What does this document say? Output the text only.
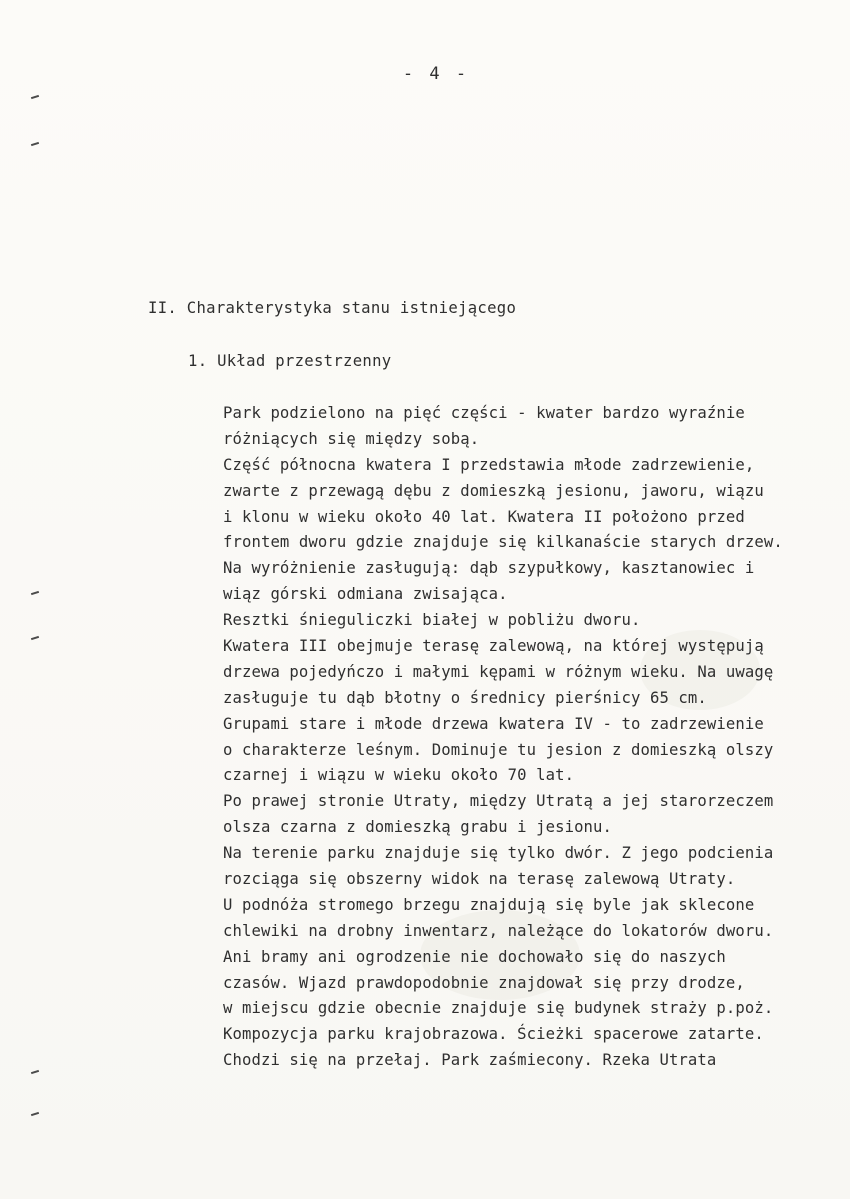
- 4 -
II. Charakterystyka stanu istniejącego
1. Układ przestrzenny
Park podzielono na pięć części - kwater bardzo wyraźnie
różniących się między sobą.
Część północna kwatera I przedstawia młode zadrzewienie,
zwarte z przewagą dębu z domieszką jesionu, jaworu, wiązu
i klonu w wieku około 40 lat. Kwatera II położono przed
frontem dworu gdzie znajduje się kilkanaście starych drzew.
Na wyróżnienie zasługują: dąb szypułkowy, kasztanowiec i
wiąz górski odmiana zwisająca.
Resztki śnieguliczki białej w pobliżu dworu.
Kwatera III obejmuje terasę zalewową, na której występują
drzewa pojedyńczo i małymi kępami w różnym wieku. Na uwagę
zasługuje tu dąb błotny o średnicy pierśnicy 65 cm.
Grupami stare i młode drzewa kwatera IV - to zadrzewienie
o charakterze leśnym. Dominuje tu jesion z domieszką olszy
czarnej i wiązu w wieku około 70 lat.
Po prawej stronie Utraty, między Utratą a jej starorzeczem
olsza czarna z domieszką grabu i jesionu.
Na terenie parku znajduje się tylko dwór. Z jego podcienia
rozciąga się obszerny widok na terasę zalewową Utraty.
U podnóża stromego brzegu znajdują się byle jak sklecone
chlewiki na drobny inwentarz, należące do lokatorów dworu.
Ani bramy ani ogrodzenie nie dochowało się do naszych
czasów. Wjazd prawdopodobnie znajdował się przy drodze,
w miejscu gdzie obecnie znajduje się budynek straży p.poż.
Kompozycja parku krajobrazowa. Ścieżki spacerowe zatarte.
Chodzi się na przełaj. Park zaśmiecony. Rzeka Utrata
